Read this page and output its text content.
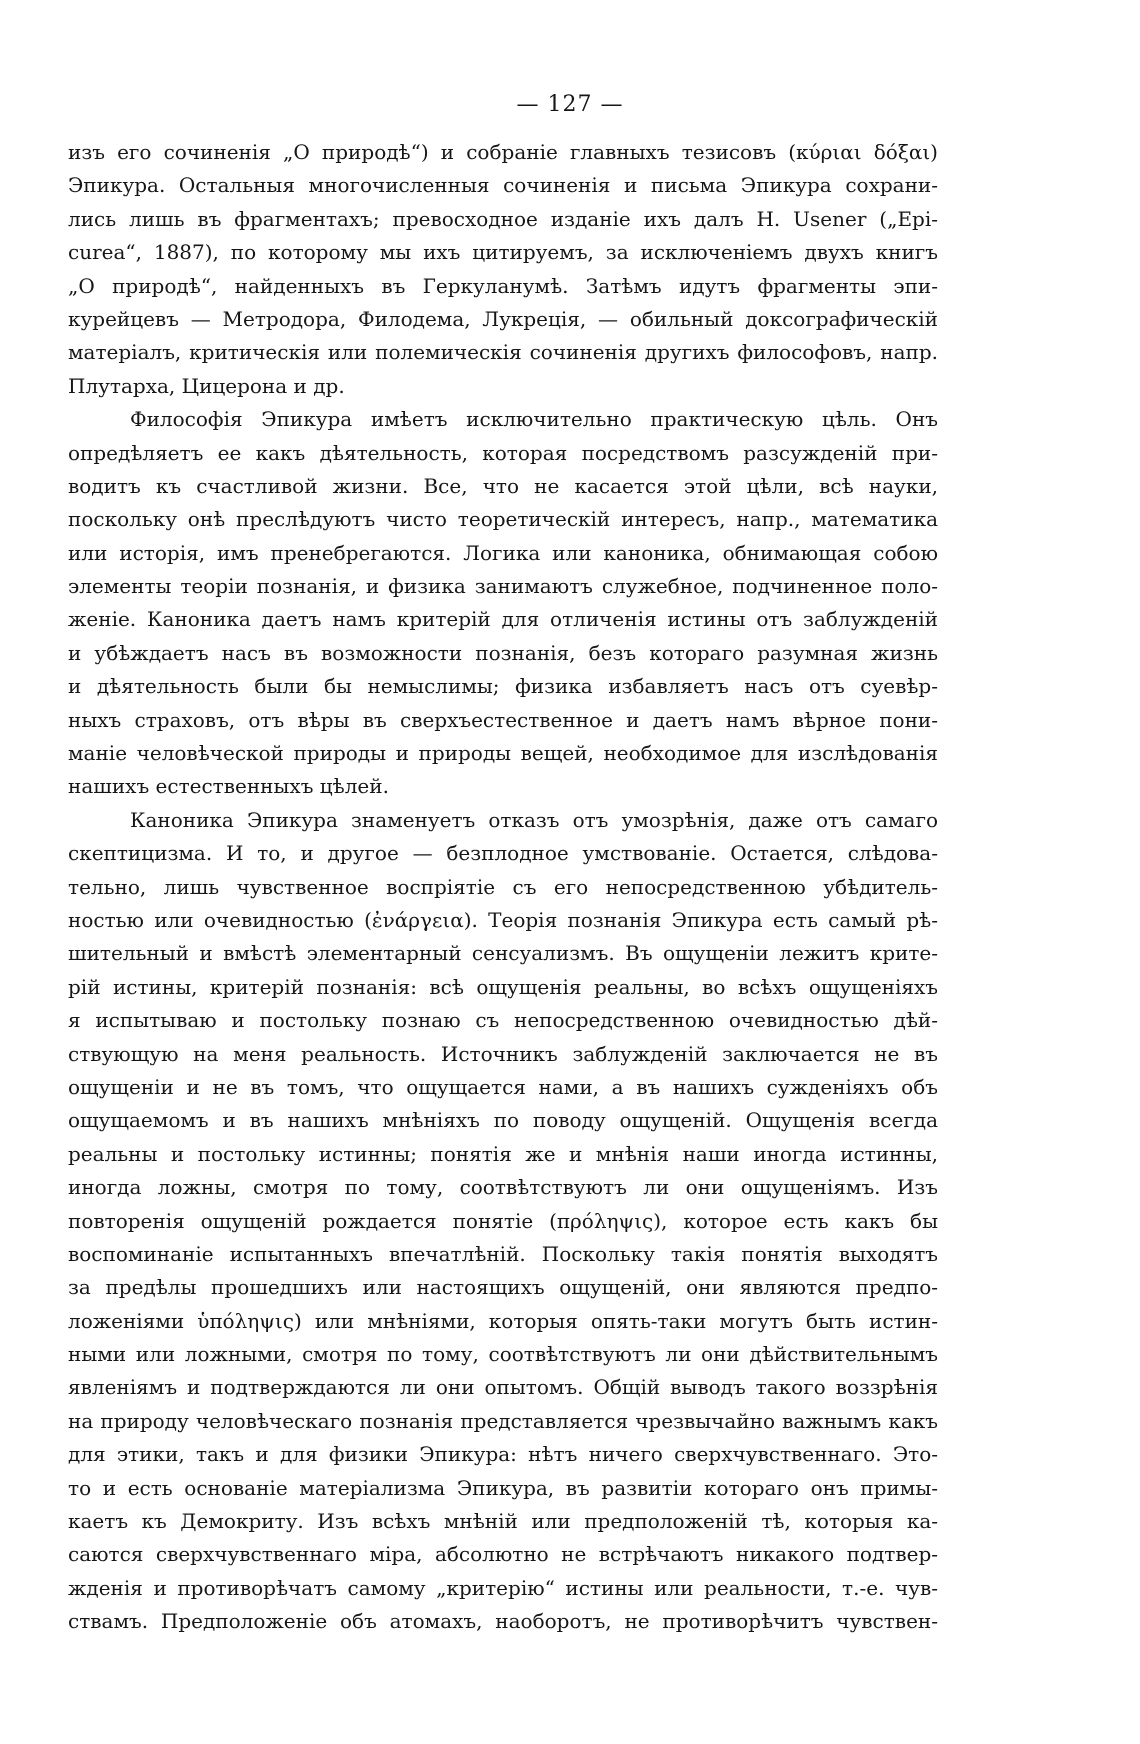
— 127 —
изъ его сочиненія „О природѣ“) и собраніе главныхъ тезисовъ (κύριαι δόξαι)
Эпикура. Остальныя многочисленныя сочиненія и письма Эпикура сохрани-
лись лишь въ фрагментахъ; превосходное изданіе ихъ далъ H. Usener („Epi-
curea“, 1887), по которому мы ихъ цитируемъ, за исключеніемъ двухъ книгъ
„О природѣ“, найденныхъ въ Геркуланумѣ. Затѣмъ идутъ фрагменты эпи-
курейцевъ — Метродора, Филодема, Лукреція, — обильный доксографическій
матеріалъ, критическія или полемическія сочиненія другихъ философовъ, напр.
Плутарха, Цицерона и др.
Философія Эпикура имѣетъ исключительно практическую цѣль. Онъ
опредѣляетъ ее какъ дѣятельность, которая посредствомъ разсужденій при-
водитъ къ счастливой жизни. Все, что не касается этой цѣли, всѣ науки,
поскольку онѣ преслѣдуютъ чисто теоретическій интересъ, напр., математика
или исторія, имъ пренебрегаются. Логика или каноника, обнимающая собою
элементы теоріи познанія, и физика занимаютъ служебное, подчиненное поло-
женіе. Каноника даетъ намъ критерій для отличенія истины отъ заблужденій
и убѣждаетъ насъ въ возможности познанія, безъ котораго разумная жизнь
и дѣятельность были бы немыслимы; физика избавляетъ насъ отъ суевѣр-
ныхъ страховъ, отъ вѣры въ сверхъестественное и даетъ намъ вѣрное пони-
маніе человѣческой природы и природы вещей, необходимое для изслѣдованія
нашихъ естественныхъ цѣлей.
Каноника Эпикура знаменуетъ отказъ отъ умозрѣнія, даже отъ самаго
скептицизма. И то, и другое — безплодное умствованіе. Остается, слѣдова-
тельно, лишь чувственное воспріятіе съ его непосредственною убѣдитель-
ностью или очевидностью (ἐνάργεια). Теорія познанія Эпикура есть самый рѣ-
шительный и вмѣстѣ элементарный сенсуализмъ. Въ ощущеніи лежитъ крите-
рій истины, критерій познанія: всѣ ощущенія реальны, во всѣхъ ощущеніяхъ
я испытываю и постольку познаю съ непосредственною очевидностью дѣй-
ствующую на меня реальность. Источникъ заблужденій заключается не въ
ощущеніи и не въ томъ, что ощущается нами, а въ нашихъ сужденіяхъ объ
ощущаемомъ и въ нашихъ мнѣніяхъ по поводу ощущеній. Ощущенія всегда
реальны и постольку истинны; понятія же и мнѣнія наши иногда истинны,
иногда ложны, смотря по тому, соотвѣтствуютъ ли они ощущеніямъ. Изъ
повторенія ощущеній рождается понятіе (πρόληψις), которое есть какъ бы
воспоминаніе испытанныхъ впечатлѣній. Поскольку такія понятія выходятъ
за предѣлы прошедшихъ или настоящихъ ощущеній, они являются предпо-
ложеніями ὑπόληψις) или мнѣніями, которыя опять-таки могутъ быть истин-
ными или ложными, смотря по тому, соотвѣтствуютъ ли они дѣйствительнымъ
явленіямъ и подтверждаются ли они опытомъ. Общій выводъ такого воззрѣнія
на природу человѣческаго познанія представляется чрезвычайно важнымъ какъ
для этики, такъ и для физики Эпикура: нѣтъ ничего сверхчувственнаго. Это-
то и есть основаніе матеріализма Эпикура, въ развитіи котораго онъ примы-
каетъ къ Демокриту. Изъ всѣхъ мнѣній или предположеній тѣ, которыя ка-
саются сверхчувственнаго міра, абсолютно не встрѣчаютъ никакого подтвер-
жденія и противорѣчатъ самому „критерію“ истины или реальности, т.-е. чув-
ствамъ. Предположеніе объ атомахъ, наоборотъ, не противорѣчитъ чувствен-
